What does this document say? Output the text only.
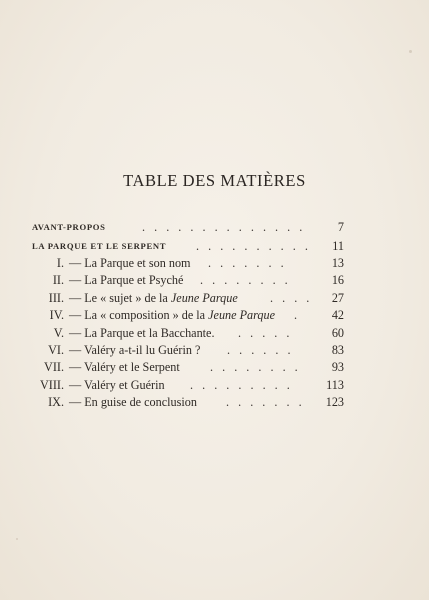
TABLE DES MATIÈRES
AVANT-PROPOS	. . . . . . . . . . . . . .	7
LA PARQUE ET LE SERPENT . . . . . . . . . . 11
I. — La Parque et son nom . . . . . . .	13
II. — La Parque et Psyché . . . . . . . .	16
III. — Le « sujet » de la Jeune Parque	. . . . 27
IV. — La « composition » de la Jeune Parque .	42
V. — La Parque et la Bacchante. . . . . .	60
VI. — Valéry a-t-il lu Guérin ? . . . . . .	83
VII. — Valéry et le Serpent . . . . . . . .	93
VIII. — Valéry et Guérin . . . . . . . . .	113
IX. — En guise de conclusion . . . . . . . 123
